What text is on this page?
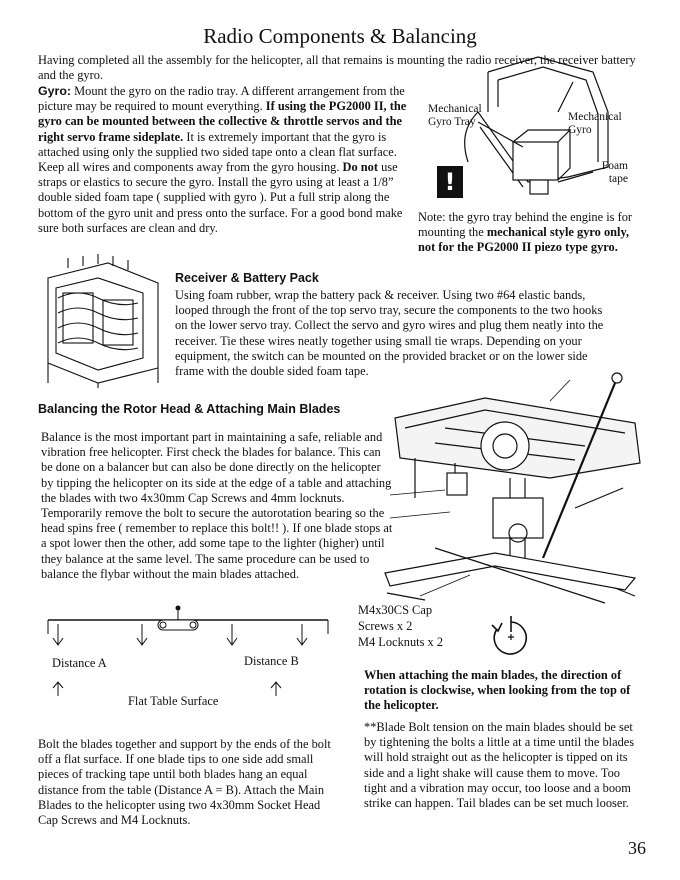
Radio Components & Balancing
Having completed all the assembly for the helicopter, all that remains is mounting the radio receiver, the receiver battery and the gyro.
Gyro: Mount the gyro on the radio tray. A different arrangement from the picture may be required to mount everything. If using the PG2000 II, the gyro can be mounted between the collective & throttle servos and the right servo frame sideplate. It is extremely important that the gyro is attached using only the supplied two sided tape onto a clean flat surface. Keep all wires and components away from the gyro housing. Do not use straps or elastics to secure the gyro. Install the gyro using at least a 1/8” double sided foam tape ( supplied with gyro ). Put a full strip along the bottom of the gyro unit and press onto the surface. For a good bond make sure both surfaces are clean and dry.
Mechanical Gyro Tray	Mechanical Gyro
Foam tape
!
Note: the gyro tray behind the engine is for mounting the mechanical style gyro only, not for the PG2000 II piezo type gyro.
Receiver & Battery Pack
Using foam rubber, wrap the battery pack & receiver. Using two #64 elastic bands, looped through the front of the top servo tray, secure the components to the two hooks on the lower servo tray. Collect the servo and gyro wires and plug them neatly into the receiver. Tie these wires neatly together using small tie wraps. Depending on your equipment, the switch can be mounted on the provided bracket or on the lower side frame with the double sided foam tape.
Balancing the Rotor Head & Attaching Main Blades
Balance is the most important part in maintaining a safe, reliable and vibration free helicopter. First check the blades for balance. This can be done on a balancer but can also be done directly on the helicopter by tipping the helicopter on its side at the edge of a table and attaching the blades with two 4x30mm Cap Screws and 4mm locknuts. Temporarily remove the bolt to secure the autorotation bearing so the head spins free ( remember to replace this bolt!! ). If one blade stops at a spot lower then the other, add some tape to the lighter (higher) until they balance at the same level. The same procedure can be used to balance the flybar without the main blades attached.
M4x30CS Cap
Screws x 2
M4 Locknuts x 2
Distance A	Distance B
Flat Table Surface
Bolt the blades together and support by the ends of the bolt off a flat surface. If one blade tips to one side add small pieces of tracking tape until both blades hang an equal distance from the table (Distance A = B). Attach the Main Blades to the helicopter using two 4x30mm Socket Head Cap Screws and M4 Locknuts.
When attaching the main blades, the direction of rotation is clockwise, when looking from the top of the helicopter.
**Blade Bolt tension on the main blades should be set by tightening the bolts a little at a time until the blades will hold straight out as the helicopter is tipped on its side and a light shake will cause them to move. Too tight and a vibration may occur, too loose and a boom strike can happen. Tail blades can be set much looser.
36
